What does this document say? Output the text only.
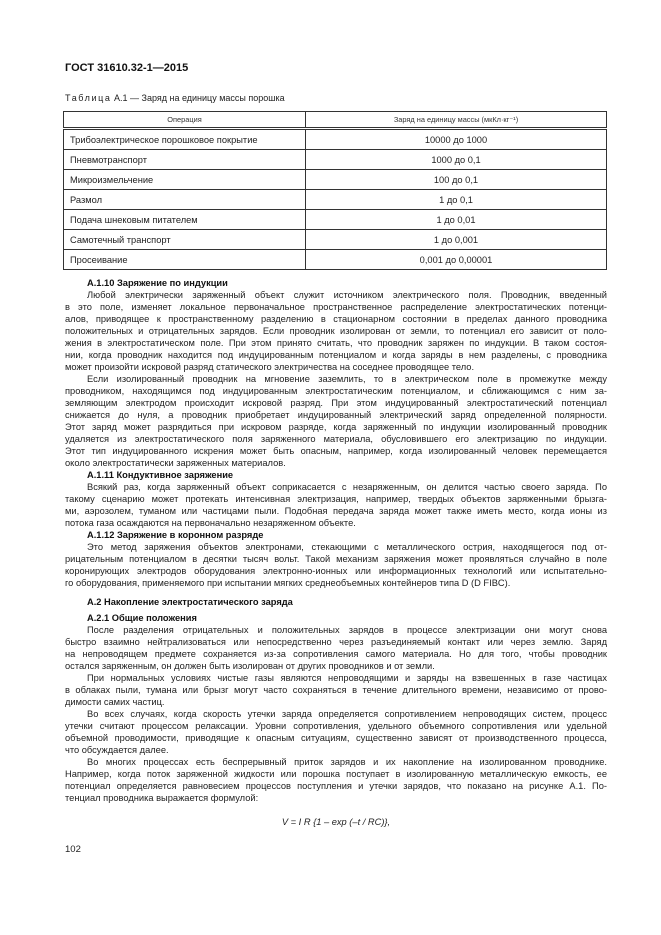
ГОСТ 31610.32-1—2015
Таблица А.1 — Заряд на единицу массы порошка
Операция	Заряд на единицу массы (мкКл·кг⁻¹)
Трибоэлектрическое порошковое покрытие	10000 до 1000
Пневмотранспорт	1000 до 0,1
Микроизмельчение	100 до 0,1
Размол	1 до 0,1
Подача шнековым питателем	1 до 0,01
Самотечный транспорт	1 до 0,001
Просеивание	0,001 до 0,00001
А.1.10 Заряжение по индукции
Любой электрически заряженный объект служит источником электрического поля. Проводник, введенный
в это поле, изменяет локальное первоначальное пространственное распределение электростатических потенци-
алов, приводящее к пространственному разделению в стационарном состоянии в пределах данного проводника
положительных и отрицательных зарядов. Если проводник изолирован от земли, то потенциал его зависит от поло-
жения в электростатическом поле. При этом принято считать, что проводник заряжен по индукции. В таком состоя-
нии, когда проводник находится под индуцированным потенциалом и когда заряды в нем разделены, с проводника
может произойти искровой разряд статического электричества на соседнее проводящее тело.
Если изолированный проводник на мгновение заземлить, то в электрическом поле в промежутке между
проводником, находящимся под индуцированным электростатическим потенциалом, и сближающимся с ним за-
земляющим электродом происходит искровой разряд. При этом индуцированный электростатический потенциал
снижается до нуля, а проводник приобретает индуцированный электрический заряд определенной полярности.
Этот заряд может разрядиться при искровом разряде, когда заряженный по индукции изолированный проводник
удаляется из электростатического поля заряженного материала, обусловившего его электризацию по индукции.
Этот тип индуцированного искрения может быть опасным, например, когда изолированный человек перемещается
около электростатически заряженных материалов.
А.1.11 Кондуктивное заряжение
Всякий раз, когда заряженный объект соприкасается с незаряженным, он делится частью своего заряда. По
такому сценарию может протекать интенсивная электризация, например, твердых объектов заряженными брызга-
ми, аэрозолем, туманом или частицами пыли. Подобная передача заряда может также иметь место, когда ионы из
потока газа осаждаются на первоначально незаряженном объекте.
А.1.12 Заряжение в коронном разряде
Это метод заряжения объектов электронами, стекающими с металлического острия, находящегося под от-
рицательным потенциалом в десятки тысяч вольт. Такой механизм заряжения может проявляться случайно в поле
коронирующих электродов оборудования электронно-ионных или информационных технологий или испытательно-
го оборудования, применяемого при испытании мягких среднеобъемных контейнеров типа D (D FIBC).
А.2 Накопление электростатического заряда
А.2.1 Общие положения
После разделения отрицательных и положительных зарядов в процессе электризации они могут снова
быстро взаимно нейтрализоваться или непосредственно через разъединяемый контакт или через землю. Заряд
на непроводящем предмете сохраняется из-за сопротивления самого материала. Но для того, чтобы проводник
остался заряженным, он должен быть изолирован от других проводников и от земли.
При нормальных условиях чистые газы являются непроводящими и заряды на взвешенных в газе частицах
в облаках пыли, тумана или брызг могут часто сохраняться в течение длительного времени, независимо от прово-
димости самих частиц.
Во всех случаях, когда скорость утечки заряда определяется сопротивлением непроводящих систем, процесс
утечки считают процессом релаксации. Уровни сопротивления, удельного объемного сопротивления или удельной
объемной проводимости, приводящие к опасным ситуациям, существенно зависят от производственного процесса,
что обсуждается далее.
Во многих процессах есть беспрерывный приток зарядов и их накопление на изолированном проводнике.
Например, когда поток заряженной жидкости или порошка поступает в изолированную металлическую емкость, ее
потенциал определяется равновесием процессов поступления и утечки зарядов, что показано на рисунке А.1. По-
тенциал проводника выражается формулой:
V = I R {1 – exp (–t / RC)},
102
